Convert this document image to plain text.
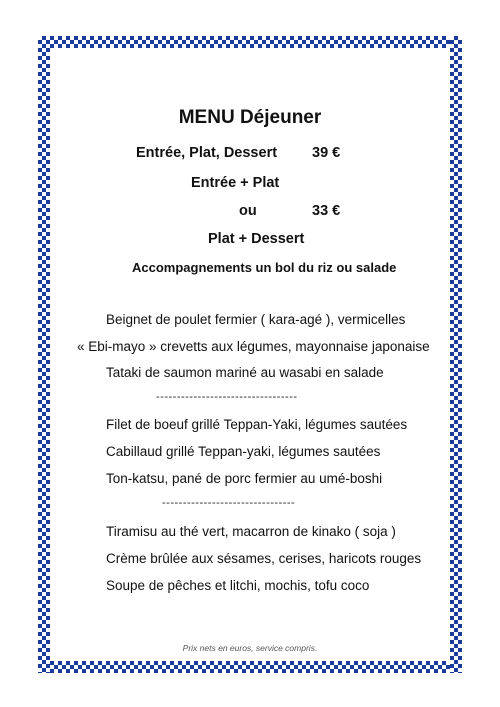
MENU Déjeuner
Entrée, Plat, Dessert 39 €
Entrée + Plat
ou	33 €
Plat + Dessert
Accompagnements un bol du riz ou salade
Beignet de poulet fermier ( kara-agé ), vermicelles
« Ebi-mayo » crevetts aux légumes, mayonnaise japonaise
Tataki de saumon mariné au wasabi en salade
----------------------------------
Filet de boeuf grillé Teppan-Yaki, légumes sautées
Cabillaud grillé Teppan-yaki, légumes sautées
Ton-katsu, pané de porc fermier au umé-boshi
--------------------------------
Tiramisu au thé vert, macarron de kinako ( soja )
Crème brûlée aux sésames, cerises, haricots rouges
Soupe de pêches et litchi, mochis, tofu coco
Prix nets en euros, service compris.
